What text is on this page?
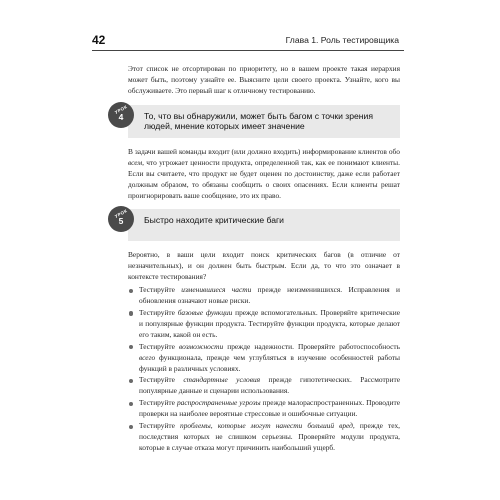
42	Глава 1. Роль тестировщика

Этот список не отсортирован по приоритету, но в вашем проекте такая иерархия может быть, поэтому узнайте ее. Выясните цели своего проекта. Узнайте, кого вы обслуживаете. Это первый шаг к отличному тестированию.

УРОК
4	То, что вы обнаружили, может быть багом с точки зрения людей, мнение которых имеет значение

В задачи вашей команды входит (или должно входить) информирование клиентов обо всем, что угрожает ценности продукта, определенной так, как ее понимают клиенты. Если вы считаете, что продукт не будет оценен по достоинству, даже если работает должным образом, то обязаны сообщить о своих опасениях. Если клиенты решат проигнорировать ваше сообщение, это их право.

УРОК
5	Быстро находите критические баги

Вероятно, в ваши цели входит поиск критических багов (в отличие от незначительных), и он должен быть быстрым. Если да, то что это означает в контексте тестирования?

Тестируйте изменившиеся части прежде неизменившихся. Исправления и обновления означают новые риски.
Тестируйте базовые функции прежде вспомогательных. Проверяйте критические и популярные функции продукта. Тестируйте функции продукта, которые делают его таким, какой он есть.
Тестируйте возможности прежде надежности. Проверяйте работоспособность всего функционала, прежде чем углубляться в изучение особенностей работы функций в различных условиях.
Тестируйте стандартные условия прежде гипотетических. Рассмотрите популярные данные и сценарии использования.
Тестируйте распространенные угрозы прежде малораспространенных. Проводите проверки на наиболее вероятные стрессовые и ошибочные ситуации.
Тестируйте проблемы, которые могут нанести больший вред, прежде тех, последствия которых не слишком серьезны. Проверяйте модули продукта, которые в случае отказа могут причинить наибольший ущерб.
